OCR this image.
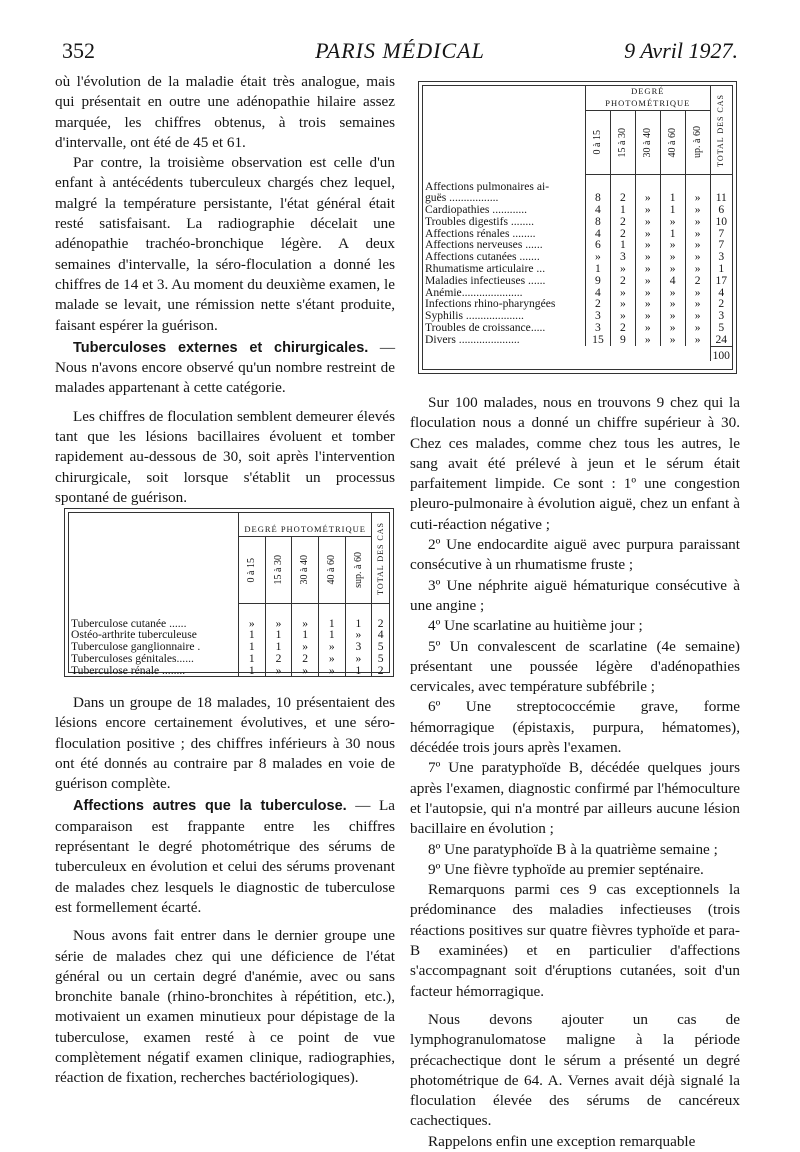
352	PARIS MÉDICAL	9 Avril 1927.

où l'évolution de la maladie était très analogue, mais qui présentait en outre une adénopathie hilaire assez marquée, les chiffres obtenus, à trois semaines d'intervalle, ont été de 45 et 61.

Par contre, la troisième observation est celle d'un enfant à antécédents tuberculeux chargés chez lequel, malgré la température persistante, l'état général était resté satisfaisant. La radiographie décelait une adénopathie trachéo-bronchique légère. A deux semaines d'intervalle, la séro-floculation a donné les chiffres de 14 et 3. Au moment du deuxième examen, le malade se levait, une rémission nette s'étant produite, faisant espérer la guérison.

Tuberculoses externes et chirurgicales. — Nous n'avons encore observé qu'un nombre restreint de malades appartenant à cette catégorie.

Les chiffres de floculation semblent demeurer élevés tant que les lésions bacillaires évoluent et tomber rapidement au-dessous de 30, soit après l'intervention chirurgicale, soit lorsque s'établit un processus spontané de guérison.

	DEGRÉ PHOTOMÉTRIQUE					TOTAL DES CAS

	0 à 15	15 à 30	30 à 40	40 à 60	sup. à 60	

Tuberculose cutanée ......	»	»	»	1	1	2
Ostéo-arthrite tuberculeuse	1	1	1	1	»	4
Tuberculose ganglionnaire .	1	1	»	»	3	5
Tuberculoses génitales......	1	2	2	»	»	5
Tuberculose rénale ........	1	»	»	»	1	2

Dans un groupe de 18 malades, 10 présentaient des lésions encore certainement évolutives, et une séro-floculation positive ; des chiffres inférieurs à 30 nous ont été donnés au contraire par 8 malades en voie de guérison complète.

Affections autres que la tuberculose. — La comparaison est frappante entre les chiffres représentant le degré photométrique des sérums de tuberculeux en évolution et celui des sérums provenant de malades chez lesquels le diagnostic de tuberculose est formellement écarté.

Nous avons fait entrer dans le dernier groupe une série de malades chez qui une déficience de l'état général ou un certain degré d'anémie, avec ou sans bronchite banale (rhino-bronchites à répétition, etc.), motivaient un examen minutieux pour dépistage de la tuberculose, examen resté à ce point de vue complètement négatif examen clinique, radiographies, réaction de fixation, recherches bactériologiques).

	DEGRÉ PHOTOMÉTRIQUE					TOTAL DES CAS

	0 à 15	15 à 30	30 à 40	40 à 60	up. à 60	

Affections pulmonaires ai-						
guës .................	8	2	»	1	»	11
Cardiopathies ............	4	1	»	1	»	6
Troubles digestifs ........	8	2	»	»	»	10
Affections rénales ........	4	2	»	1	»	7
Affections nerveuses ......	6	1	»	»	»	7
Affections cutanées .......	»	3	»	»	»	3
Rhumatisme articulaire ...	1	»	»	»	»	1
Maladies infectieuses ......	9	2	»	4	2	17
Anémie.....................	4	»	»	»	»	4
Infections rhino-pharyngées	2	»	»	»	»	2
Syphilis ....................	3	»	»	»	»	3
Troubles de croissance.....	3	2	»	»	»	5
Divers .....................	15	9	»	»	»	24
						100

Sur 100 malades, nous en trouvons 9 chez qui la floculation nous a donné un chiffre supérieur à 30. Chez ces malades, comme chez tous les autres, le sang avait été prélevé à jeun et le sérum était parfaitement limpide. Ce sont : 1º une congestion pleuro-pulmonaire à évolution aiguë, chez un enfant à cuti-réaction négative ;

2º Une endocardite aiguë avec purpura paraissant consécutive à un rhumatisme fruste ;

3º Une néphrite aiguë hématurique consécutive à une angine ;

4º Une scarlatine au huitième jour ;

5º Un convalescent de scarlatine (4e semaine) présentant une poussée légère d'adénopathies cervicales, avec température subfébrile ;

6º Une streptococcémie grave, forme hémorragique (épistaxis, purpura, hématomes), décédée trois jours après l'examen.

7º Une paratyphoïde B, décédée quelques jours après l'examen, diagnostic confirmé par l'hémoculture et l'autopsie, qui n'a montré par ailleurs aucune lésion bacillaire en évolution ;

8º Une paratyphoïde B à la quatrième semaine ;

9º Une fièvre typhoïde au premier septénaire.

Remarquons parmi ces 9 cas exceptionnels la prédominance des maladies infectieuses (trois réactions positives sur quatre fièvres typhoïde et para-B examinées) et en particulier d'affections s'accompagnant soit d'éruptions cutanées, soit d'un facteur hémorragique.

Nous devons ajouter un cas de lymphogranulomatose maligne à la période précachectique dont le sérum a présenté un degré photométrique de 64. A. Vernes avait déjà signalé la floculation élevée des sérums de cancéreux cachectiques.

Rappelons enfin une exception remarquable
